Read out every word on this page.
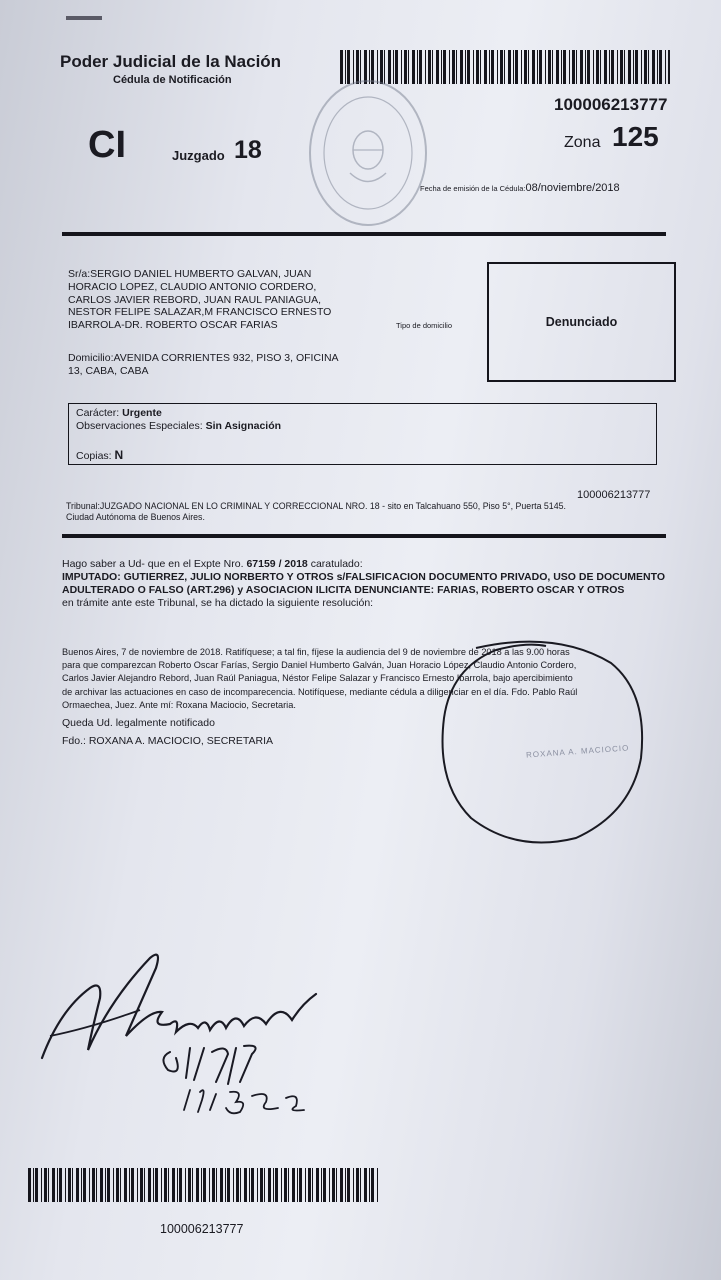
Poder Judicial de la Nación
Cédula de Notificación
CI	Juzgado 18
100006213777
Zona 125
Fecha de emisión de la Cédula:08/noviembre/2018
Sr/a:SERGIO DANIEL HUMBERTO GALVAN, JUAN
HORACIO LOPEZ, CLAUDIO ANTONIO CORDERO,
CARLOS JAVIER REBORD, JUAN RAUL PANIAGUA,
NESTOR FELIPE SALAZAR,M FRANCISCO ERNESTO
IBARROLA-DR. ROBERTO OSCAR FARIAS
Domicilio:AVENIDA CORRIENTES 932, PISO 3, OFICINA
13, CABA, CABA
Tipo de domicilio	Denunciado
Carácter: Urgente
Observaciones Especiales: Sin Asignación
Copias: N
100006213777
Tribunal:JUZGADO NACIONAL EN LO CRIMINAL Y CORRECCIONAL NRO. 18 - sito en Talcahuano 550, Piso 5°, Puerta 5145.
Ciudad Autónoma de Buenos Aires.
Hago saber a Ud- que en el Expte Nro. 67159 / 2018 caratulado:
IMPUTADO: GUTIERREZ, JULIO NORBERTO Y OTROS s/FALSIFICACION DOCUMENTO PRIVADO, USO DE DOCUMENTO ADULTERADO O FALSO (ART.296) y ASOCIACION ILICITA DENUNCIANTE: FARIAS, ROBERTO OSCAR Y OTROS
en trámite ante este Tribunal, se ha dictado la siguiente resolución:
Buenos Aires, 7 de noviembre de 2018. Ratifíquese; a tal fin, fíjese la audiencia del 9 de noviembre de 2018 a las 9.00 horas
para que comparezcan Roberto Oscar Farías, Sergio Daniel Humberto Galván, Juan Horacio López, Claudio Antonio Cordero,
Carlos Javier Alejandro Rebord, Juan Raúl Paniagua, Néstor Felipe Salazar y Francisco Ernesto Ibarrola, bajo apercibimiento
de archivar las actuaciones en caso de incomparecencia. Notifíquese, mediante cédula a diligenciar en el día. Fdo. Pablo Raúl
Ormaechea, Juez. Ante mí: Roxana Maciocio, Secretaria.
Queda Ud. legalmente notificado
Fdo.: ROXANA A. MACIOCIO, SECRETARIA
ROXANA A. MACIOCIO
100006213777
